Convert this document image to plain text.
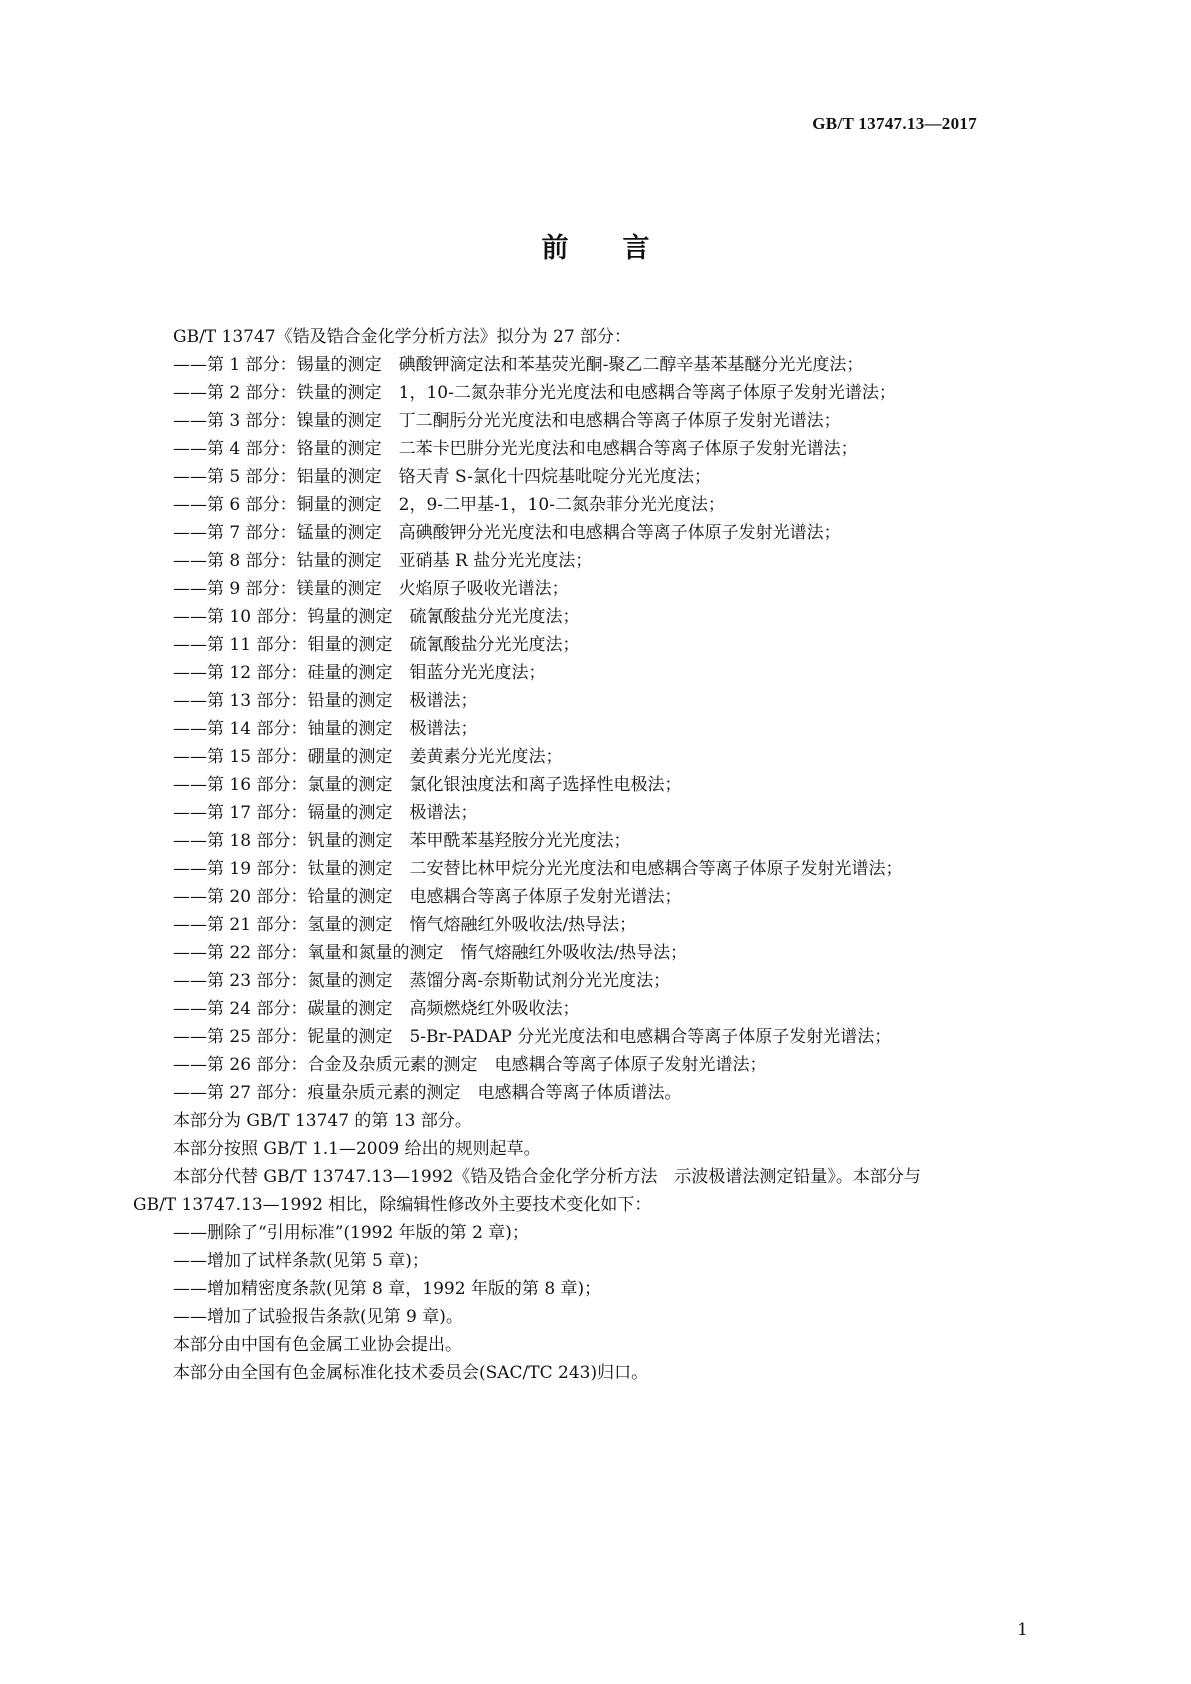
GB/T 13747.13—2017
前　　言
GB/T 13747《锆及锆合金化学分析方法》拟分为 27 部分：
——第 1 部分：锡量的测定　碘酸钾滴定法和苯基荧光酮-聚乙二醇辛基苯基醚分光光度法；
——第 2 部分：铁量的测定　1，10-二氮杂菲分光光度法和电感耦合等离子体原子发射光谱法；
——第 3 部分：镍量的测定　丁二酮肟分光光度法和电感耦合等离子体原子发射光谱法；
——第 4 部分：铬量的测定　二苯卡巴肼分光光度法和电感耦合等离子体原子发射光谱法；
——第 5 部分：铝量的测定　铬天青 S-氯化十四烷基吡啶分光光度法；
——第 6 部分：铜量的测定　2，9-二甲基-1，10-二氮杂菲分光光度法；
——第 7 部分：锰量的测定　高碘酸钾分光光度法和电感耦合等离子体原子发射光谱法；
——第 8 部分：钴量的测定　亚硝基 R 盐分光光度法；
——第 9 部分：镁量的测定　火焰原子吸收光谱法；
——第 10 部分：钨量的测定　硫氰酸盐分光光度法；
——第 11 部分：钼量的测定　硫氰酸盐分光光度法；
——第 12 部分：硅量的测定　钼蓝分光光度法；
——第 13 部分：铅量的测定　极谱法；
——第 14 部分：铀量的测定　极谱法；
——第 15 部分：硼量的测定　姜黄素分光光度法；
——第 16 部分：氯量的测定　氯化银浊度法和离子选择性电极法；
——第 17 部分：镉量的测定　极谱法；
——第 18 部分：钒量的测定　苯甲酰苯基羟胺分光光度法；
——第 19 部分：钛量的测定　二安替比林甲烷分光光度法和电感耦合等离子体原子发射光谱法；
——第 20 部分：铪量的测定　电感耦合等离子体原子发射光谱法；
——第 21 部分：氢量的测定　惰气熔融红外吸收法/热导法；
——第 22 部分：氧量和氮量的测定　惰气熔融红外吸收法/热导法；
——第 23 部分：氮量的测定　蒸馏分离-奈斯勒试剂分光光度法；
——第 24 部分：碳量的测定　高频燃烧红外吸收法；
——第 25 部分：铌量的测定　5-Br-PADAP 分光光度法和电感耦合等离子体原子发射光谱法；
——第 26 部分：合金及杂质元素的测定　电感耦合等离子体原子发射光谱法；
——第 27 部分：痕量杂质元素的测定　电感耦合等离子体质谱法。
本部分为 GB/T 13747 的第 13 部分。
本部分按照 GB/T 1.1—2009 给出的规则起草。
本部分代替 GB/T 13747.13—1992《锆及锆合金化学分析方法　示波极谱法测定铅量》。本部分与
GB/T 13747.13—1992 相比，除编辑性修改外主要技术变化如下：
——删除了“引用标准”(1992 年版的第 2 章)；
——增加了试样条款(见第 5 章)；
——增加精密度条款(见第 8 章，1992 年版的第 8 章)；
——增加了试验报告条款(见第 9 章)。
本部分由中国有色金属工业协会提出。
本部分由全国有色金属标准化技术委员会(SAC/TC 243)归口。
1
